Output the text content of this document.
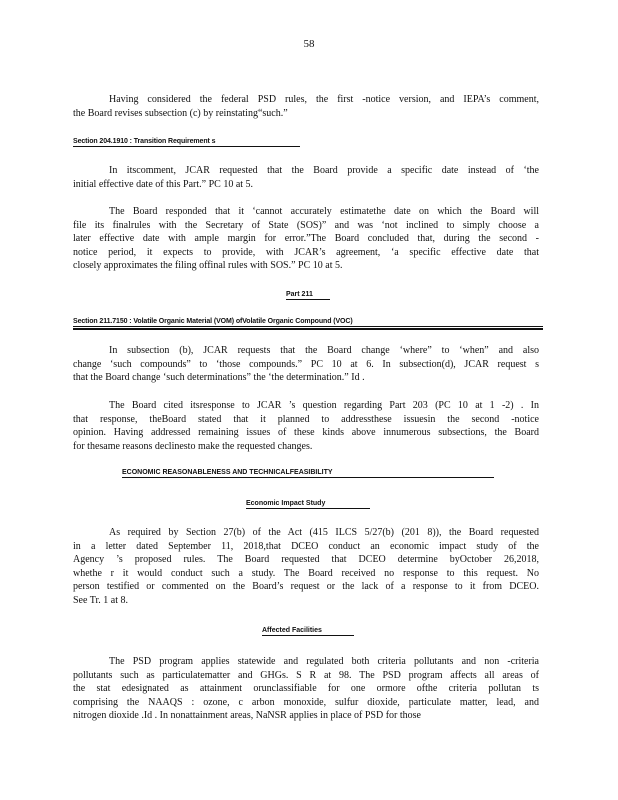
58
Having considered the federal PSD rules, the first -notice version, and IEPA’s comment,
the Board revises subsection (c) by reinstating“such.”
Section 204.1910 : Transition Requirement s
In itscomment, JCAR requested that the Board provide a specific date instead of ‘the
initial effective date of this Part.” PC 10 at 5.
The Board responded that it ‘cannot accurately estimatethe date on which the Board will
file its finalrules with the Secretary of State (SOS)” and was ‘not inclined to simply choose a
later effective date with ample margin for error.”The Board concluded that, during the second -
notice period, it expects to provide, with JCAR’s agreement, ‘a specific effective date that
closely approximates the filing offinal rules with SOS.” PC 10 at 5.
Part 211
Section 211.7150 : Volatile Organic Material (VOM) ofVolatile Organic Compound (VOC)
In subsection (b), JCAR requests that the Board change ‘where” to ‘when” and also
change ‘such compounds” to ‘those compounds.” PC 10 at 6. In subsection(d), JCAR request s
that the Board change ‘such determinations” the ‘the determination.” Id .
The Board cited itsresponse to JCAR ’s question regarding Part 203 (PC 10 at 1 -2) . In
that response, theBoard stated that it planned to addressthese issuesin the second -notice
opinion. Having addressed remaining issues of these kinds above innumerous subsections, the Board
for thesame reasons declinesto make the requested changes.
ECONOMIC REASONABLENESS AND TECHNICALFEASIBILITY
Economic Impact Study
As required by Section 27(b) of the Act (415 ILCS 5/27(b) (201 8)), the Board requested
in a letter dated September 11, 2018,that DCEO conduct an economic impact study of the
Agency ’s proposed rules. The Board requested that DCEO determine byOctober 26,2018,
whethe r it would conduct such a study. The Board received no response to this request. No
person testified or commented on the Board’s request or the lack of a response to it from DCEO.
See Tr. 1 at 8.
Affected Facilities
The PSD program applies statewide and regulated both criteria pollutants and non -criteria
pollutants such as particulatematter and GHGs. S R at 98. The PSD program affects all areas of
the stat edesignated as attainment orunclassifiable for one ormore ofthe criteria pollutan ts
comprising the NAAQS : ozone, c arbon monoxide, sulfur dioxide, particulate matter, lead, and
nitrogen dioxide .Id . In nonattainment areas, NaNSR applies in place of PSD for those
